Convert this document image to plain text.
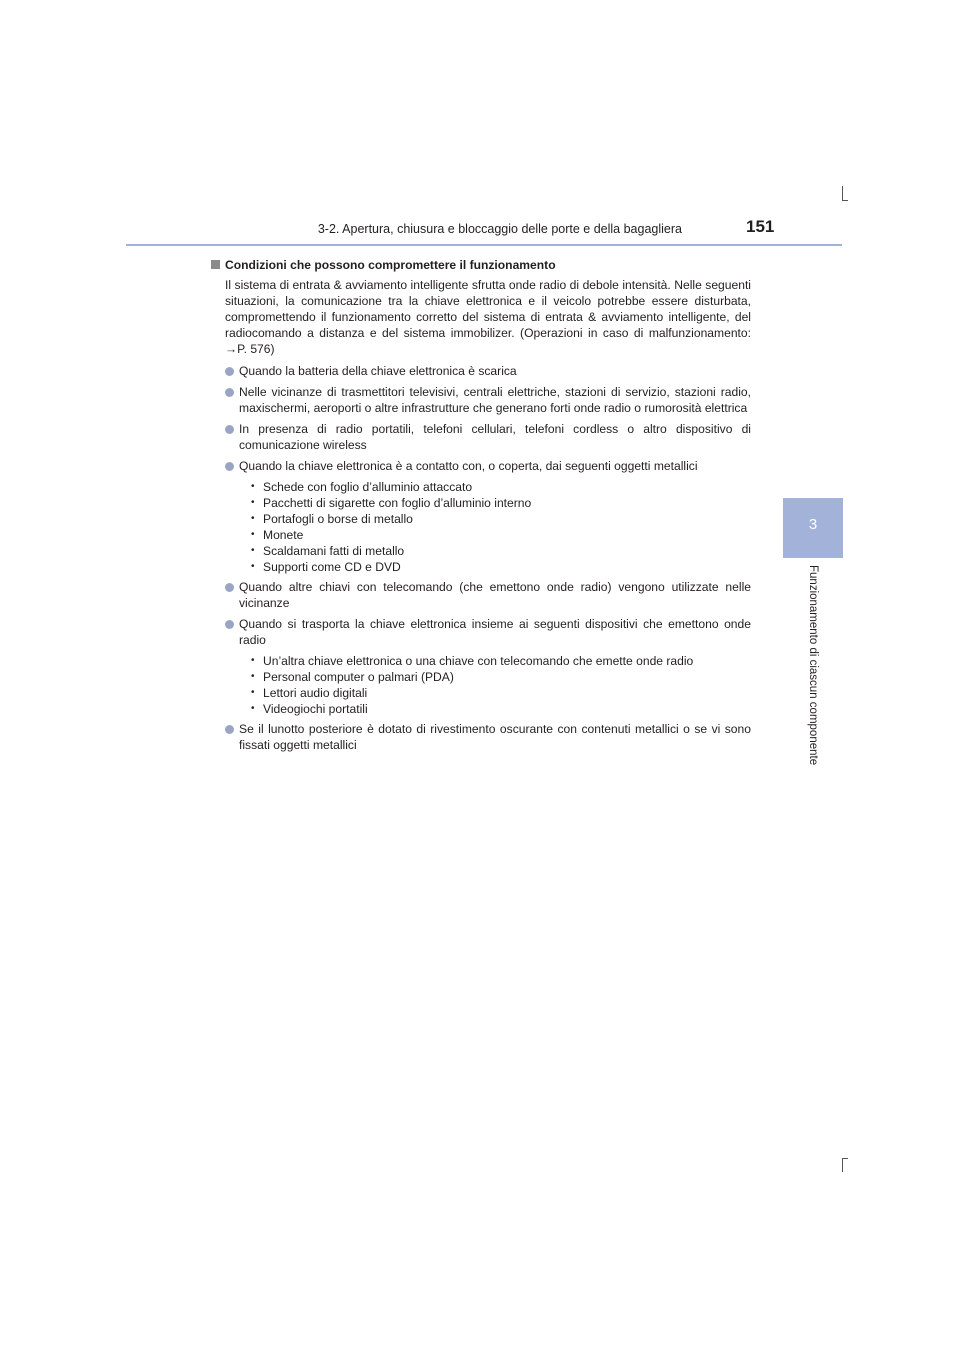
3-2. Apertura, chiusura e bloccaggio delle porte e della bagagliera	151
3
Funzionamento di ciascun componente
Condizioni che possono compromettere il funzionamento
Il sistema di entrata & avviamento intelligente sfrutta onde radio di debole intensità. Nelle seguenti situazioni, la comunicazione tra la chiave elettronica e il veicolo potrebbe essere disturbata, compromettendo il funzionamento corretto del sistema di entrata & avviamento intelligente, del radiocomando a distanza e del sistema immobilizer. (Operazioni in caso di malfunzionamento: →P. 576)
Quando la batteria della chiave elettronica è scarica
Nelle vicinanze di trasmettitori televisivi, centrali elettriche, stazioni di servizio, stazioni radio, maxischermi, aeroporti o altre infrastrutture che generano forti onde radio o rumorosità elettrica
In presenza di radio portatili, telefoni cellulari, telefoni cordless o altro dispositivo di comunicazione wireless
Quando la chiave elettronica è a contatto con, o coperta, dai seguenti oggetti metallici
• Schede con foglio d’alluminio attaccato
• Pacchetti di sigarette con foglio d’alluminio interno
• Portafogli o borse di metallo
• Monete
• Scaldamani fatti di metallo
• Supporti come CD e DVD
Quando altre chiavi con telecomando (che emettono onde radio) vengono utilizzate nelle vicinanze
Quando si trasporta la chiave elettronica insieme ai seguenti dispositivi che emettono onde radio
• Un’altra chiave elettronica o una chiave con telecomando che emette onde radio
• Personal computer o palmari (PDA)
• Lettori audio digitali
• Videogiochi portatili
Se il lunotto posteriore è dotato di rivestimento oscurante con contenuti metallici o se vi sono fissati oggetti metallici
